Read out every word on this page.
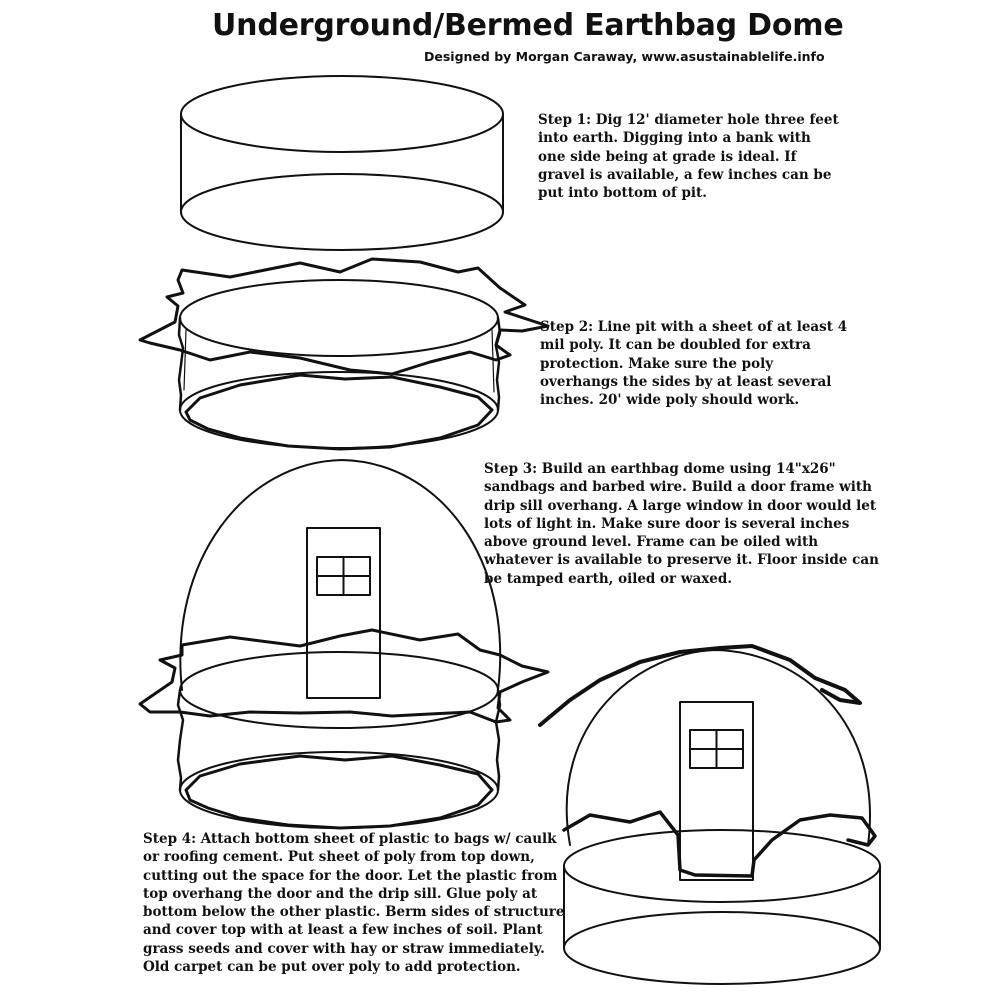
Underground/Bermed Earthbag Dome
Designed by Morgan Caraway, www.asustainablelife.info
Step 1: Dig 12' diameter hole three feet
into earth. Digging into a bank with
one side being at grade is ideal. If
gravel is available, a few inches can be
put into bottom of pit.
Step 2: Line pit with a sheet of at least 4
mil poly. It can be doubled for extra
protection. Make sure the poly
overhangs the sides by at least several
inches. 20' wide poly should work.
Step 3: Build an earthbag dome using 14"x26"
sandbags and barbed wire. Build a door frame with
drip sill overhang. A large window in door would let
lots of light in. Make sure door is several inches
above ground level. Frame can be oiled with
whatever is available to preserve it. Floor inside can
be tamped earth, oiled or waxed.
Step 4: Attach bottom sheet of plastic to bags w/ caulk
or roofing cement. Put sheet of poly from top down,
cutting out the space for the door. Let the plastic from
top overhang the door and the drip sill. Glue poly at
bottom below the other plastic. Berm sides of structure
and cover top with at least a few inches of soil. Plant
grass seeds and cover with hay or straw immediately.
Old carpet can be put over poly to add protection.
